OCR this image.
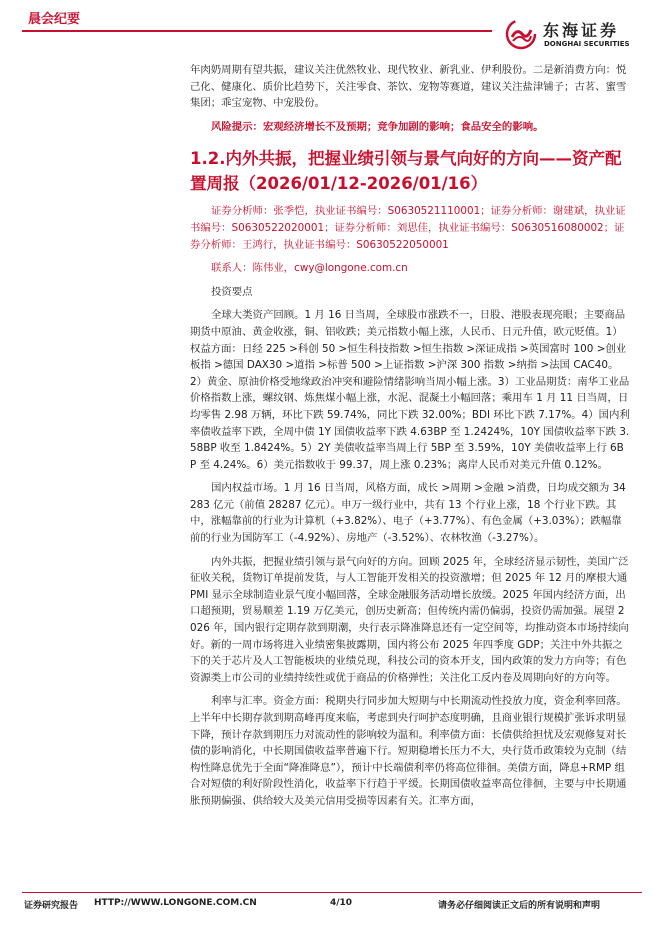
晨会纪要
东海证券
DONGHAI SECURITIES

年肉奶周期有望共振，建议关注优然牧业、现代牧业、新乳业、伊利股份。二是新消费方向：悦己化、健康化、质价比趋势下，关注零食、茶饮、宠物等赛道，建议关注盐津铺子；古茗、蜜雪集团；乖宝宠物、中宠股份。

风险提示：宏观经济增长不及预期；竞争加剧的影响；食品安全的影响。
1.2.内外共振，把握业绩引领与景气向好的方向——资产配置周报（2026/01/12-2026/01/16）
证券分析师：张季恺，执业证书编号：S0630521110001；证券分析师：谢建斌，执业证书编号：S0630522020001；证券分析师：刘思佳，执业证书编号：S0630516080002；证券分析师：王鸿行，执业证书编号：S0630522050001
联系人：陈伟业，cwy@longone.com.cn
投资要点

全球大类资产回顾。1 月 16 日当周，全球股市涨跌不一，日股、港股表现亮眼；主要商品期货中原油、黄金收涨，铜、铝收跌；美元指数小幅上涨，人民币、日元升值，欧元贬值。1）权益方面：日经 225 >科创 50 >恒生科技指数 >恒生指数 >深证成指 >英国富时 100 >创业板指 >德国 DAX30 >道指 >标普 500 >上证指数 >沪深 300 指数 >纳指 >法国 CAC40。2）黄金、原油价格受地缘政治冲突和避险情绪影响当周小幅上涨。3）工业品期货：南华工业品价格指数上涨，螺纹钢、炼焦煤小幅上涨，水泥、混凝土小幅回落；乘用车 1 月 11 日当周，日均零售 2.98 万辆，环比下跌 59.74%，同比下跌 32.00%；BDI 环比下跌 7.17%。4）国内利率债收益率下跌，全周中债 1Y 国债收益率下跌 4.63BP 至 1.2424%，10Y 国债收益率下跌 3.58BP 收至 1.8424%。5）2Y 美债收益率当周上行 5BP 至 3.59%，10Y 美债收益率上行 6BP 至 4.24%。6）美元指数收于 99.37，周上涨 0.23%；离岸人民币对美元升值 0.12%。

国内权益市场。1 月 16 日当周，风格方面，成长 >周期 >金融 >消费，日均成交额为 34283 亿元（前值 28287 亿元）。申万一级行业中，共有 13 个行业上涨，18 个行业下跌。其中，涨幅靠前的行业为计算机（+3.82%）、电子（+3.77%）、有色金属（+3.03%）；跌幅靠前的行业为国防军工（-4.92%）、房地产（-3.52%）、农林牧渔（-3.27%）。

内外共振，把握业绩引领与景气向好的方向。回顾 2025 年，全球经济显示韧性，美国广泛征收关税，货物订单提前发货，与人工智能开发相关的投资激增；但 2025 年 12 月的摩根大通 PMI 显示全球制造业景气度小幅回落，全球金融服务活动增长放缓。2025 年国内经济方面，出口超预期，贸易顺差 1.19 万亿美元，创历史新高；但传统内需仍偏弱，投资仍需加强。展望 2026 年，国内银行定期存款到期潮，央行表示降准降息还有一定空间等，均推动资本市场持续向好。新的一周市场将进入业绩密集披露期，国内将公布 2025 年四季度 GDP；关注中外共振之下的关于芯片及人工智能板块的业绩兑现，科技公司的资本开支，国内政策的发力方向等；有色资源类上市公司的业绩持续性或优于商品的价格弹性；关注化工反内卷及周期向好的方向等。

利率与汇率。资金方面：税期央行同步加大短期与中长期流动性投放力度，资金利率回落。上半年中长期存款到期高峰再度来临，考虑到央行呵护态度明确，且商业银行规模扩张诉求明显下降，预计存款到期压力对流动性的影响较为温和。利率债方面：长债供给担忧及宏观修复对长债的影响消化，中长期国债收益率普遍下行。短期稳增长压力不大，央行货币政策较为克制（结构性降息优先于全面“降准降息”），预计中长端债利率仍将高位徘徊。美债方面，降息+RMP 组合对短债的利好阶段性消化，收益率下行趋于平缓。长期国债收益率高位徘徊，主要与中长期通胀预期偏强、供给较大及美元信用受损等因素有关。汇率方面，

证券研究报告 HTTP://WWW.LONGONE.COM.CN	4/10	请务必仔细阅读正文后的所有说明和声明
